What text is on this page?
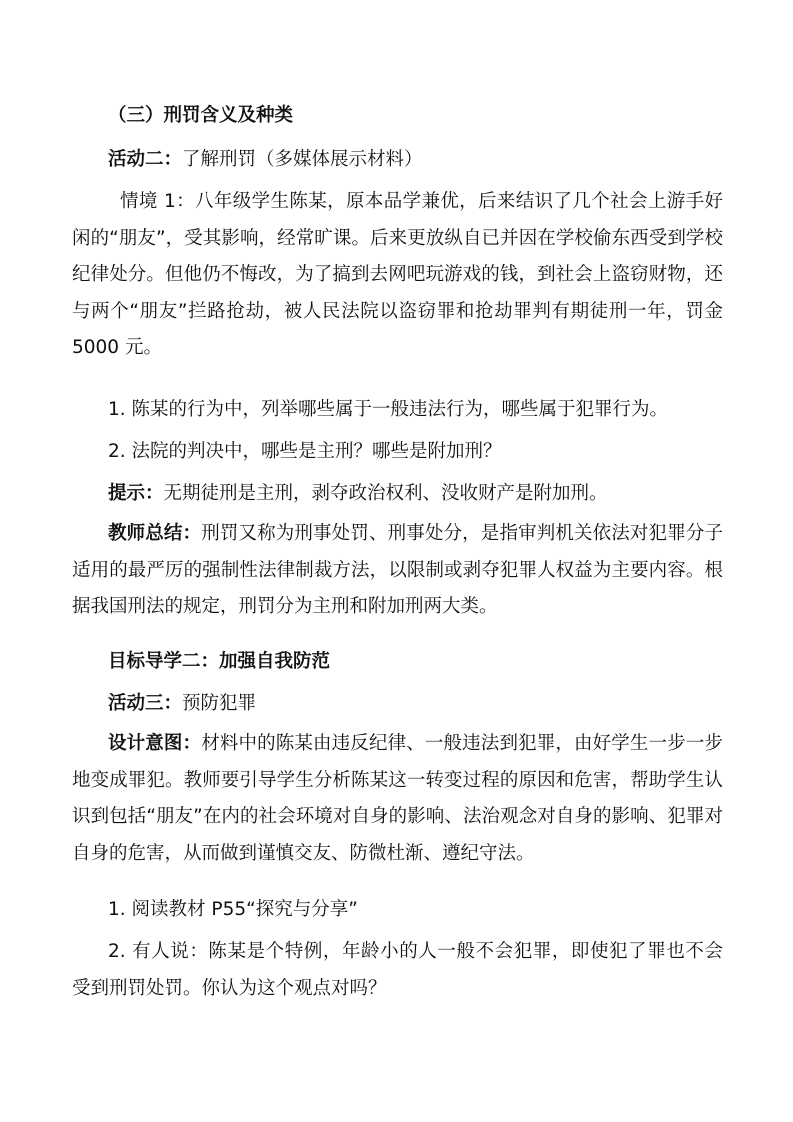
（三）刑罚含义及种类
活动二：了解刑罚（多媒体展示材料）
情境 1：八年级学生陈某，原本品学兼优，后来结识了几个社会上游手好闲的“朋友”，受其影响，经常旷课。后来更放纵自已并因在学校偷东西受到学校纪律处分。但他仍不悔改，为了搞到去网吧玩游戏的钱，到社会上盗窃财物，还与两个“朋友”拦路抢劫，被人民法院以盗窃罪和抢劫罪判有期徒刑一年，罚金5000 元。
1. 陈某的行为中，列举哪些属于一般违法行为，哪些属于犯罪行为。
2. 法院的判决中，哪些是主刑？哪些是附加刑？
提示：无期徒刑是主刑，剥夺政治权利、没收财产是附加刑。
教师总结：刑罚又称为刑事处罚、刑事处分，是指审判机关依法对犯罪分子适用的最严厉的强制性法律制裁方法，以限制或剥夺犯罪人权益为主要内容。根据我国刑法的规定，刑罚分为主刑和附加刑两大类。
目标导学二：加强自我防范
活动三：预防犯罪
设计意图：材料中的陈某由违反纪律、一般违法到犯罪，由好学生一步一步地变成罪犯。教师要引导学生分析陈某这一转变过程的原因和危害，帮助学生认识到包括“朋友”在内的社会环境对自身的影响、法治观念对自身的影响、犯罪对自身的危害，从而做到谨慎交友、防微杜渐、遵纪守法。
1. 阅读教材 P55“探究与分享”
2. 有人说：陈某是个特例，年龄小的人一般不会犯罪，即使犯了罪也不会受到刑罚处罚。你认为这个观点对吗？
